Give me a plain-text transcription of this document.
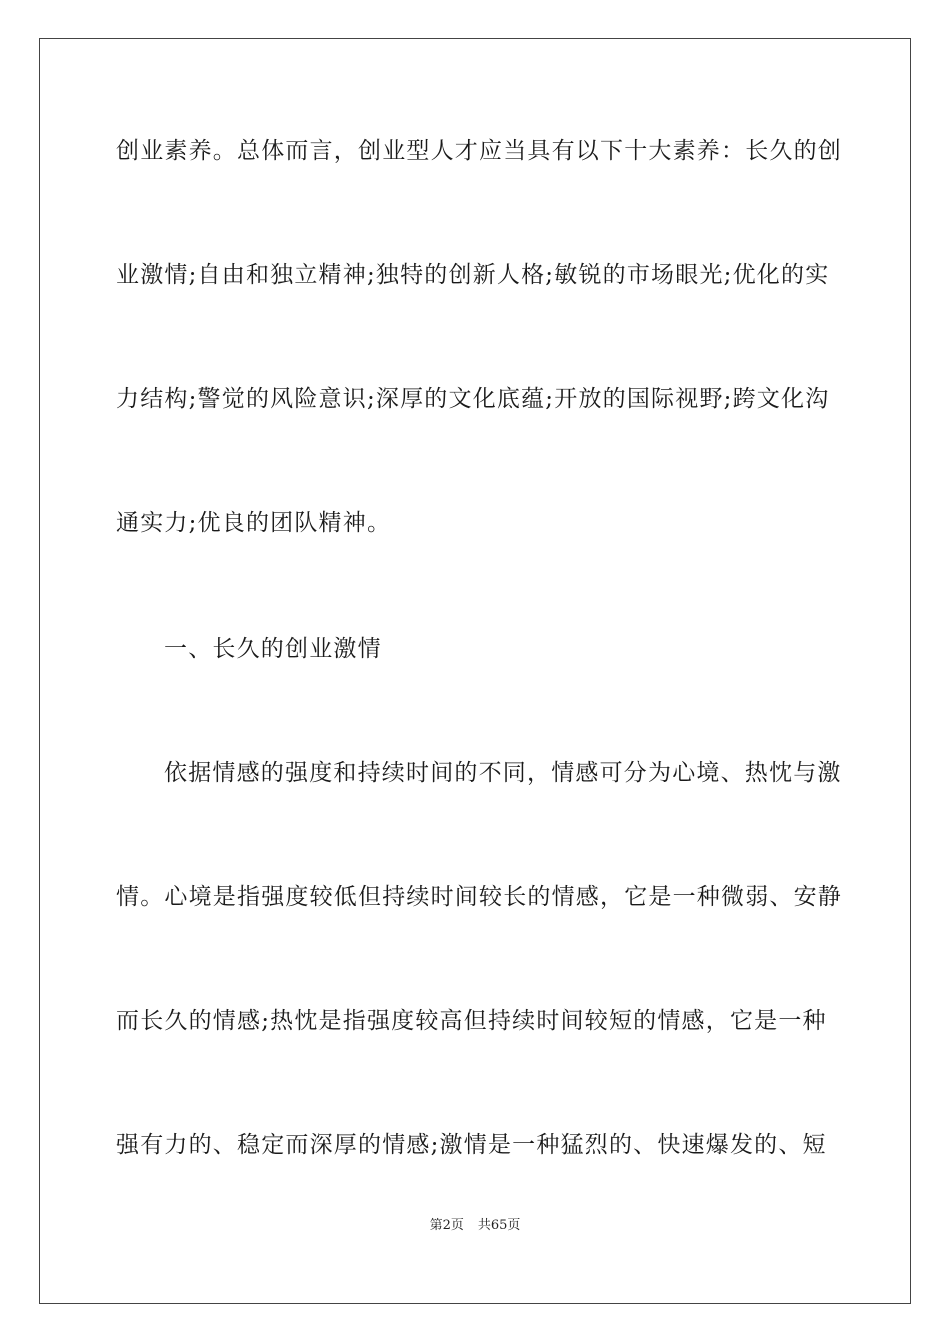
创业素养。总体而言，创业型人才应当具有以下十大素养：长久的创
业激情;自由和独立精神;独特的创新人格;敏锐的市场眼光;优化的实
力结构;警觉的风险意识;深厚的文化底蕴;开放的国际视野;跨文化沟
通实力;优良的团队精神。
一、长久的创业激情
依据情感的强度和持续时间的不同，情感可分为心境、热忱与激
情。心境是指强度较低但持续时间较长的情感，它是一种微弱、安静
而长久的情感;热忱是指强度较高但持续时间较短的情感，它是一种
强有力的、稳定而深厚的情感;激情是一种猛烈的、快速爆发的、短
第2页 共65页
